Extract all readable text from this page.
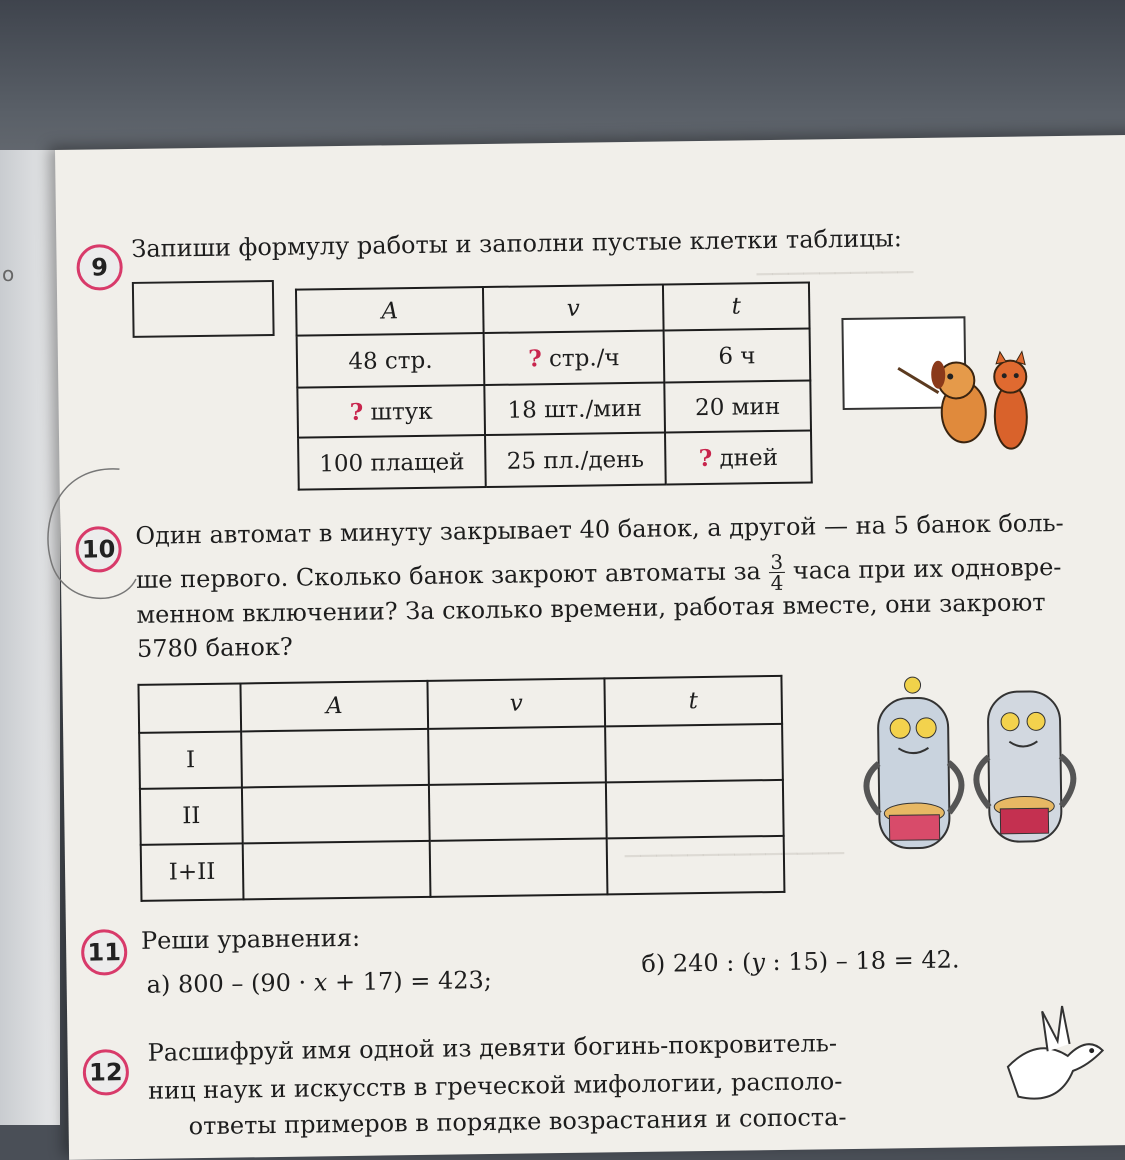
о	──────────
──────────────
9
Запиши формулу работы и заполни пустые клетки таблицы:
A	v	t
48 стр.	? стр./ч	6 ч
? штук	18 шт./мин	20 мин
100 плащей	25 пл./день	? дней
10 Один автомат в минуту закрывает 40 банок, а другой — на 5 банок боль-
ше первого. Сколько банок закроют автоматы за $\frac{3}{4}$ часа при их одновре-
менном включении? За сколько времени, работая вместе, они закроют
5780 банок?
	A	v	t
I			
II			
I+II			
11 Реши уравнения:
а) 800 – (90 · x + 17) = 423;
б) 240 : (y : 15) – 18 = 42.
12
Расшифруй имя одной из девяти богинь-покровитель-
ниц наук и искусств в греческой мифологии, располо-
ответы примеров в порядке возрастания и сопоста-
